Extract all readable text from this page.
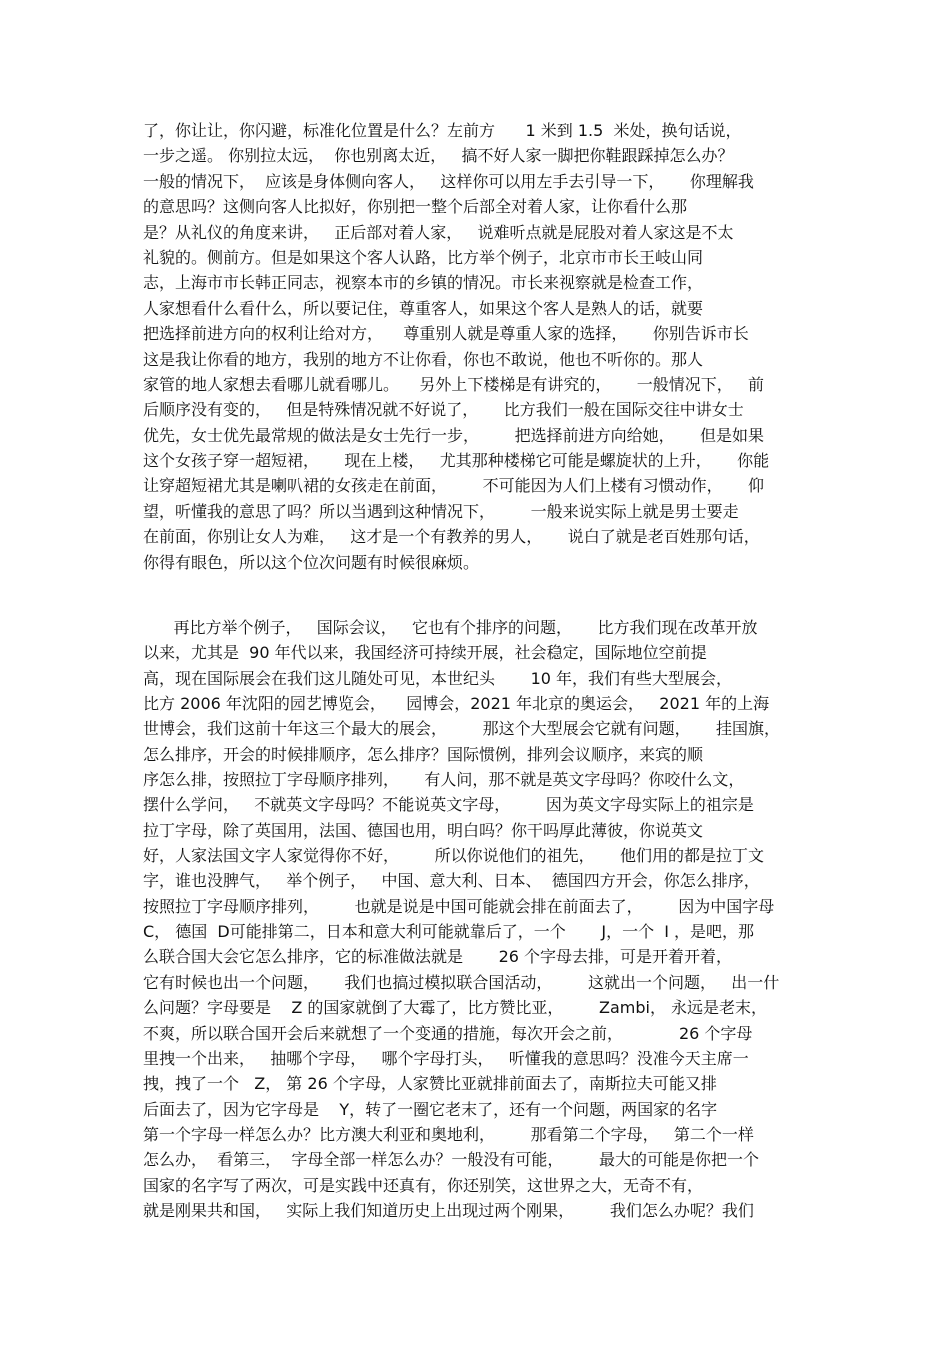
了，你让让，你闪避，标准化位置是什么？左前方      1 米到 1.5  米处，换句话说，
一步之遥。 你别拉太远，  你也别离太近，   搞不好人家一脚把你鞋跟踩掉怎么办？
一般的情况下，  应该是身体侧向客人，   这样你可以用左手去引导一下，     你理解我
的意思吗？这侧向客人比拟好，你别把一整个后部全对着人家，让你看什么那
是？从礼仪的角度来讲，   正后部对着人家，   说难听点就是屁股对着人家这是不太
礼貌的。侧前方。但是如果这个客人认路，比方举个例子，北京市市长王岐山同
志，上海市市长韩正同志，视察本市的乡镇的情况。市长来视察就是检查工作，
人家想看什么看什么，所以要记住，尊重客人，如果这个客人是熟人的话，就要
把选择前进方向的权利让给对方，    尊重别人就是尊重人家的选择，     你别告诉市长
这是我让你看的地方，我别的地方不让你看，你也不敢说，他也不听你的。那人
家管的地人家想去看哪儿就看哪儿。    另外上下楼梯是有讲究的，     一般情况下，   前
后顺序没有变的，   但是特殊情况就不好说了，     比方我们一般在国际交往中讲女士
优先，女士优先最常规的做法是女士先行一步，       把选择前进方向给她，     但是如果
这个女孩子穿一超短裙，     现在上楼，   尤其那种楼梯它可能是螺旋状的上升，     你能
让穿超短裙尤其是喇叭裙的女孩走在前面，       不可能因为人们上楼有习惯动作，     仰
望，听懂我的意思了吗？所以当遇到这种情况下，       一般来说实际上就是男士要走
在前面，你别让女人为难，   这才是一个有教养的男人，     说白了就是老百姓那句话，
你得有眼色，所以这个位次问题有时候很麻烦。
再比方举个例子，   国际会议，   它也有个排序的问题，     比方我们现在改革开放
以来，尤其是  90 年代以来，我国经济可持续开展，社会稳定，国际地位空前提
高，现在国际展会在我们这儿随处可见，本世纪头       10 年，我们有些大型展会，
比方 2006 年沈阳的园艺博览会，    园博会，2021 年北京的奥运会，   2021 年的上海
世博会，我们这前十年这三个最大的展会，       那这个大型展会它就有问题，     挂国旗，
怎么排序，开会的时候排顺序，怎么排序？国际惯例，排列会议顺序，来宾的顺
序怎么排，按照拉丁字母顺序排列，     有人问，那不就是英文字母吗？你咬什么文，
摆什么学问，   不就英文字母吗？不能说英文字母，       因为英文字母实际上的祖宗是
拉丁字母，除了英国用，法国、德国也用，明白吗？你干吗厚此薄彼，你说英文
好，人家法国文字人家觉得你不好，       所以你说他们的祖先，     他们用的都是拉丁文
字，谁也没脾气，   举个例子，   中国、意大利、日本、  德国四方开会，你怎么排序，
按照拉丁字母顺序排列，       也就是说是中国可能就会排在前面去了，       因为中国字母
C， 德国  D可能排第二，日本和意大利可能就靠后了，一个       J，一个  I ，是吧，那
么联合国大会它怎么排序，它的标准做法就是       26 个字母去排，可是开着开着，
它有时候也出一个问题，     我们也搞过模拟联合国活动，       这就出一个问题，   出一什
么问题？字母要是    Z 的国家就倒了大霉了，比方赞比亚，       Zambi， 永远是老末，
不爽，所以联合国开会后来就想了一个变通的措施，每次开会之前，           26 个字母
里拽一个出来，   抽哪个字母，   哪个字母打头，   听懂我的意思吗？没准今天主席一
拽，拽了一个   Z， 第 26 个字母，人家赞比亚就排前面去了，南斯拉夫可能又排
后面去了，因为它字母是    Y，转了一圈它老末了，还有一个问题，两国家的名字
第一个字母一样怎么办？比方澳大利亚和奥地利，       那看第二个字母，   第二个一样
怎么办，  看第三，  字母全部一样怎么办？一般没有可能，       最大的可能是你把一个
国家的名字写了两次，可是实践中还真有，你还别笑，这世界之大，无奇不有，
就是刚果共和国，   实际上我们知道历史上出现过两个刚果，       我们怎么办呢？我们
